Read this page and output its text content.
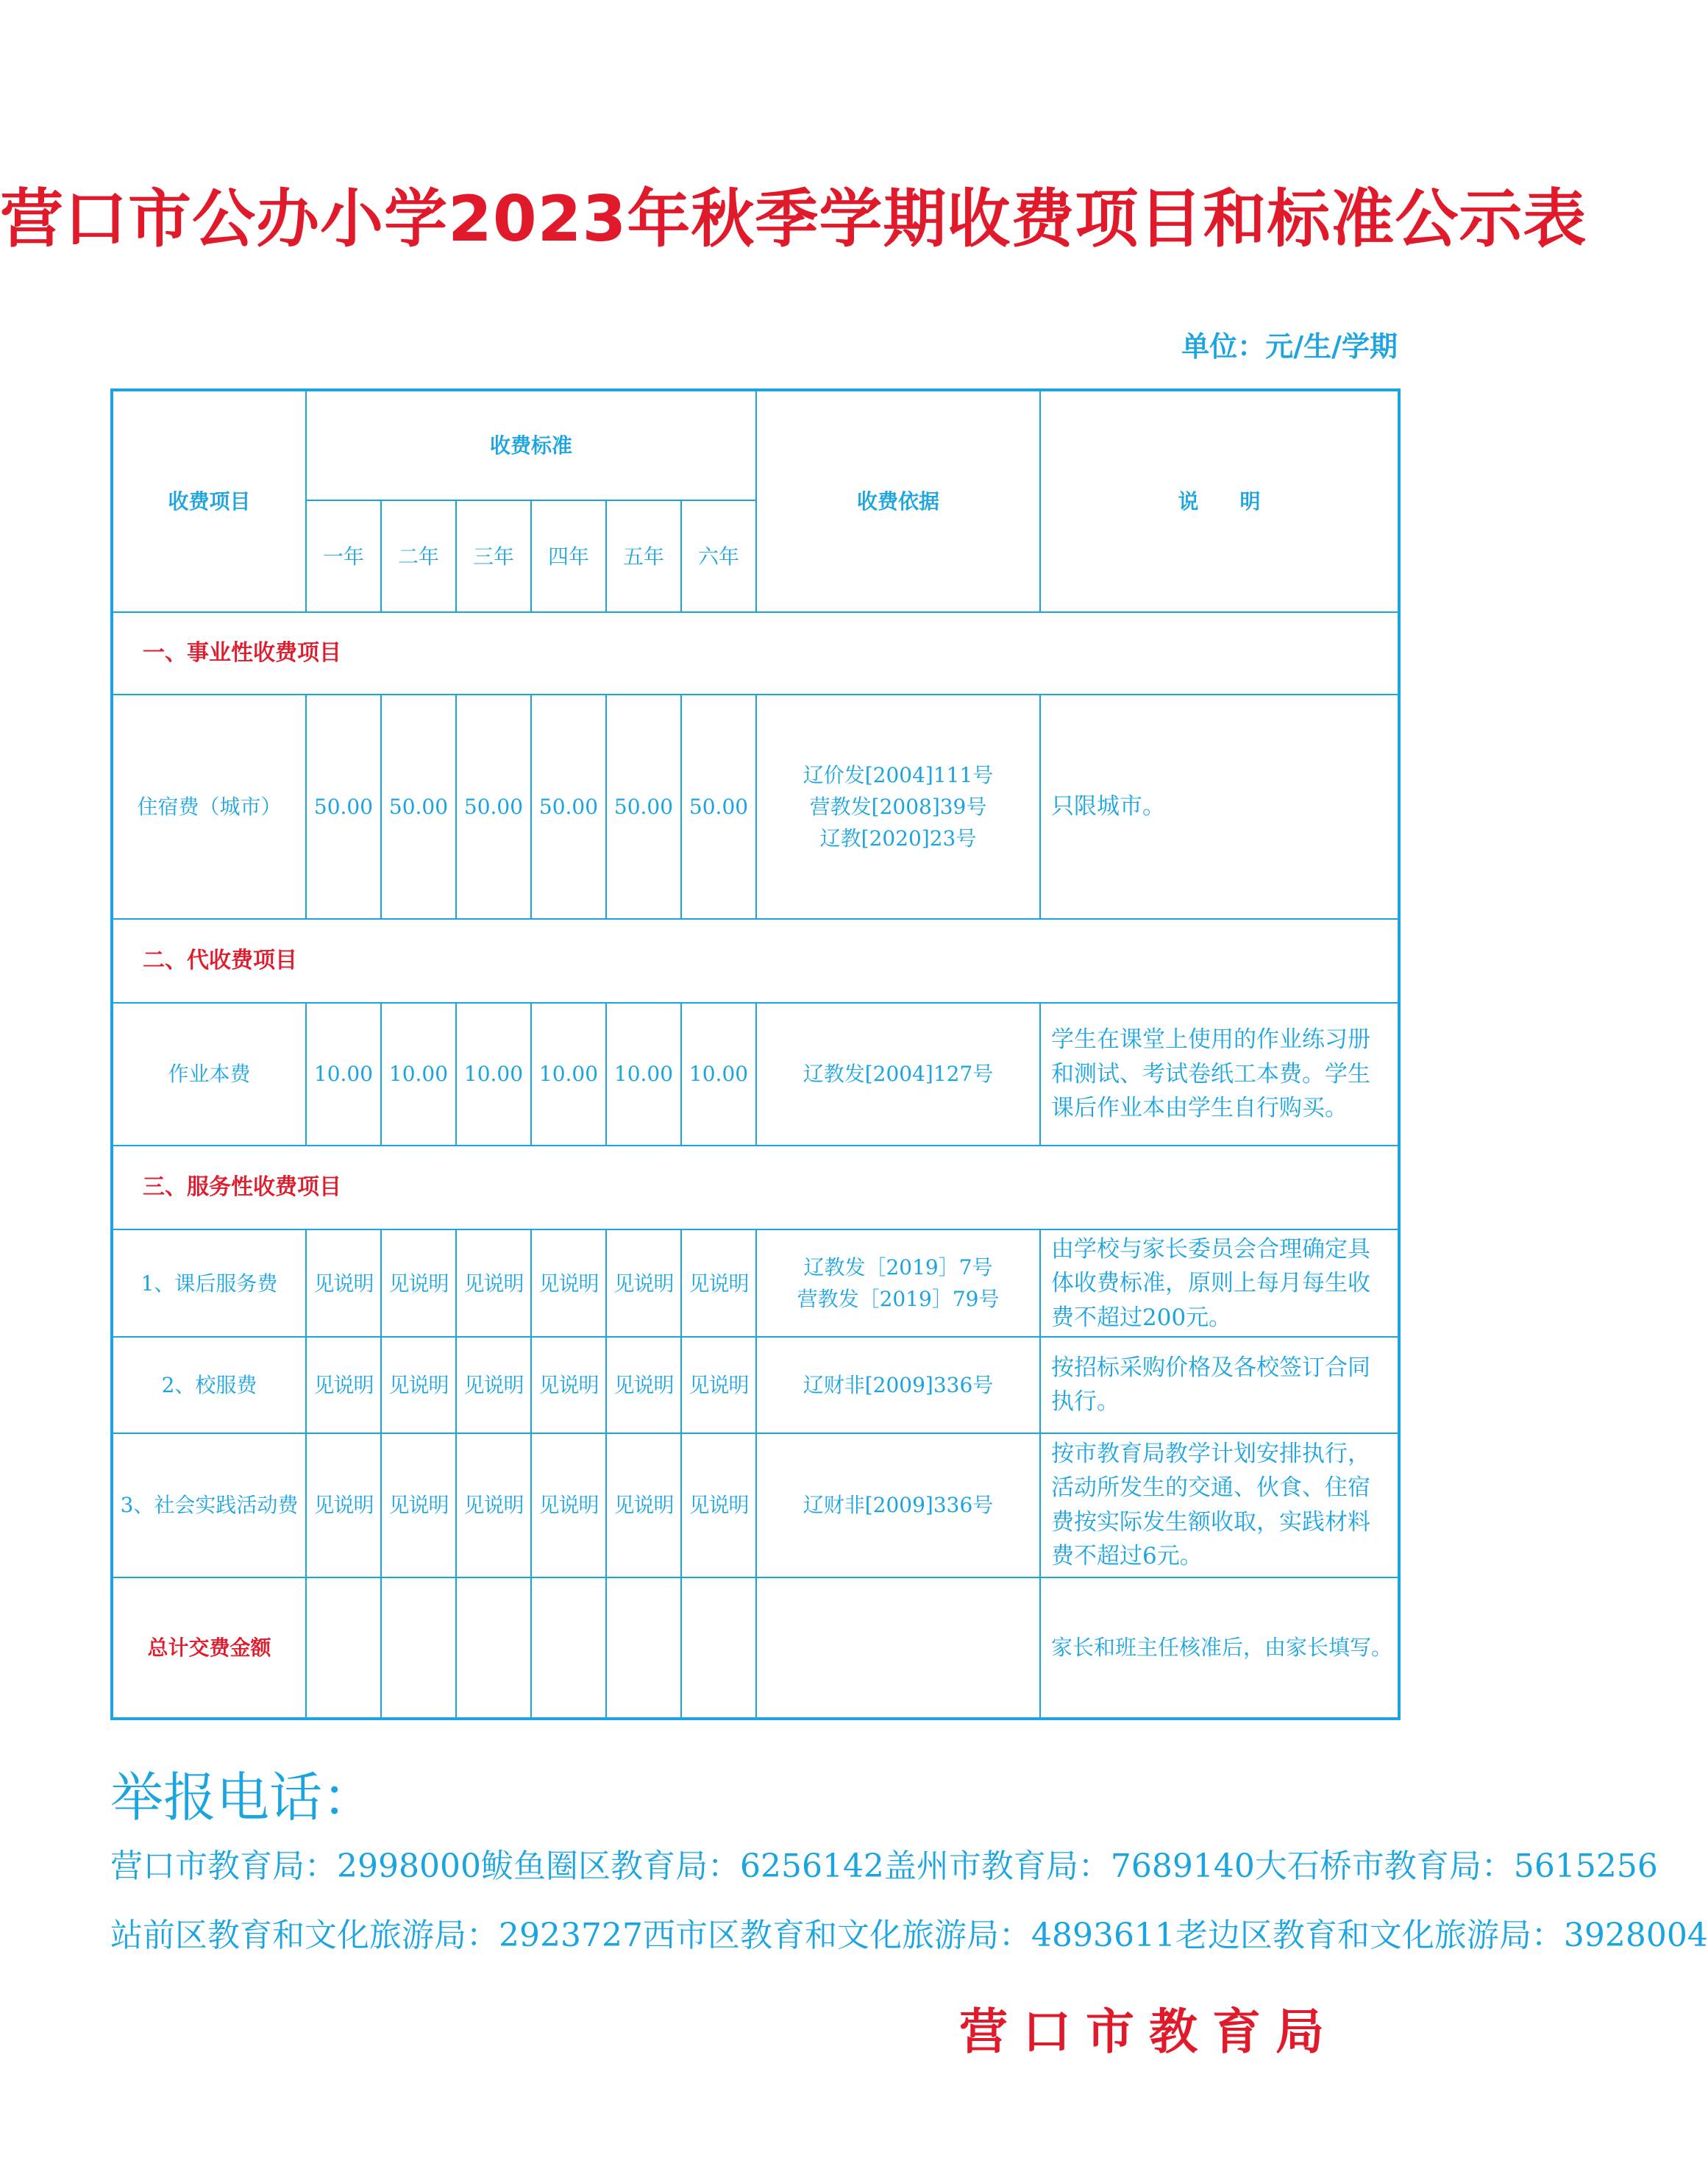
营口市公办小学2023年秋季学期收费项目和标准公示表
单位：元/生/学期
收费项目	收费标准						收费依据	说　　明
	一年	二年	三年	四年	五年	六年		
一、事业性收费项目								
住宿费（城市）	50.00	50.00	50.00	50.00	50.00	50.00	辽价发[2004]111号
营教发[2008]39号
辽教[2020]23号	只限城市。
二、代收费项目								
作业本费	10.00	10.00	10.00	10.00	10.00	10.00	辽教发[2004]127号	学生在课堂上使用的作业练习册和测试、考试卷纸工本费。学生课后作业本由学生自行购买。
三、服务性收费项目								
1、课后服务费	见说明	见说明	见说明	见说明	见说明	见说明	辽教发［2019］7号
营教发［2019］79号	由学校与家长委员会合理确定具体收费标准，原则上每月每生收费不超过200元。
2、校服费	见说明	见说明	见说明	见说明	见说明	见说明	辽财非[2009]336号	按招标采购价格及各校签订合同执行。
3、社会实践活动费	见说明	见说明	见说明	见说明	见说明	见说明	辽财非[2009]336号	按市教育局教学计划安排执行，活动所发生的交通、伙食、住宿费按实际发生额收取，实践材料费不超过6元。
总计交费金额								家长和班主任核准后，由家长填写。
举报电话：
营口市教育局：2998000 鲅鱼圈区教育局：6256142 盖州市教育局：7689140 大石桥市教育局：5615256
站前区教育和文化旅游局：2923727 西市区教育和文化旅游局：4893611 老边区教育和文化旅游局：3928004
营口市教育局
